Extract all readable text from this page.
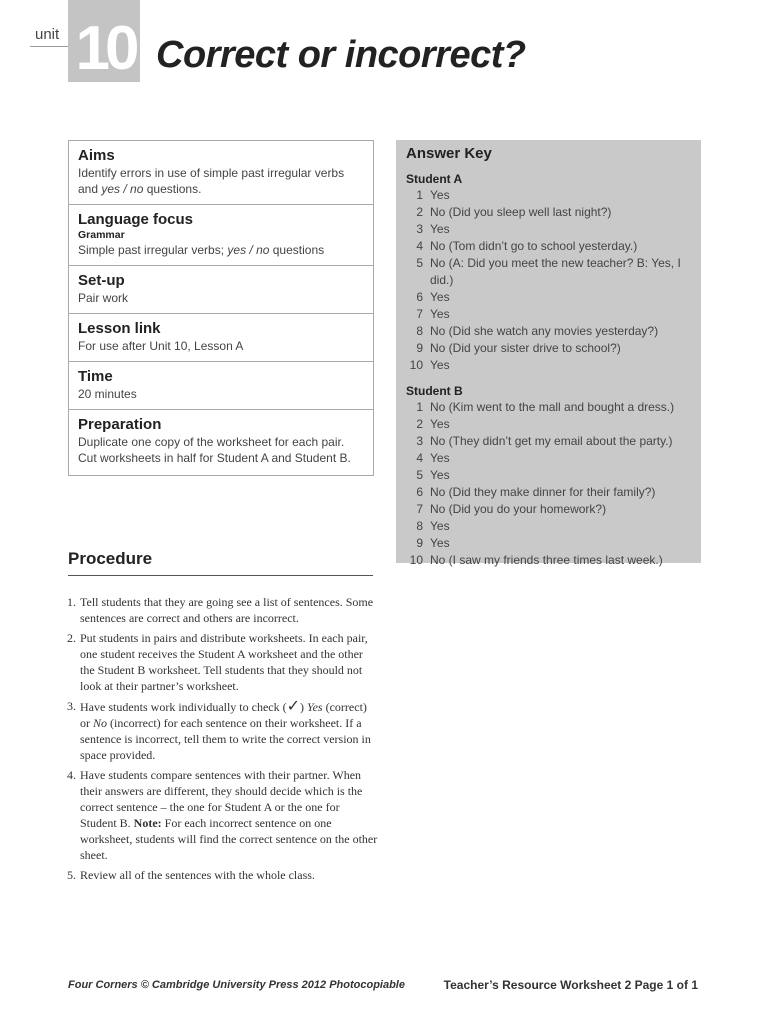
unit 10 Correct or incorrect?
Aims
Identify errors in use of simple past irregular verbs and yes / no questions.
Language focus
Grammar
Simple past irregular verbs; yes / no questions
Set-up
Pair work
Lesson link
For use after Unit 10, Lesson A
Time
20 minutes
Preparation
Duplicate one copy of the worksheet for each pair. Cut worksheets in half for Student A and Student B.
Answer Key
Student A
1 Yes
2 No (Did you sleep well last night?)
3 Yes
4 No (Tom didn’t go to school yesterday.)
5 No (A: Did you meet the new teacher? B: Yes, I did.)
6 Yes
7 Yes
8 No (Did she watch any movies yesterday?)
9 No (Did your sister drive to school?)
10 Yes
Student B
1 No (Kim went to the mall and bought a dress.)
2 Yes
3 No (They didn’t get my email about the party.)
4 Yes
5 Yes
6 No (Did they make dinner for their family?)
7 No (Did you do your homework?)
8 Yes
9 Yes
10 No (I saw my friends three times last week.)
Procedure
1. Tell students that they are going see a list of sentences. Some sentences are correct and others are incorrect.
2. Put students in pairs and distribute worksheets. In each pair, one student receives the Student A worksheet and the other the Student B worksheet. Tell students that they should not look at their partner’s worksheet.
3. Have students work individually to check (✓) Yes (correct) or No (incorrect) for each sentence on their worksheet. If a sentence is incorrect, tell them to write the correct version in space provided.
4. Have students compare sentences with their partner. When their answers are different, they should decide which is the correct sentence – the one for Student A or the one for Student B. Note: For each incorrect sentence on one worksheet, students will find the correct sentence on the other sheet.
5. Review all of the sentences with the whole class.
Four Corners © Cambridge University Press 2012 Photocopiable	Teacher’s Resource Worksheet 2 Page 1 of 1
